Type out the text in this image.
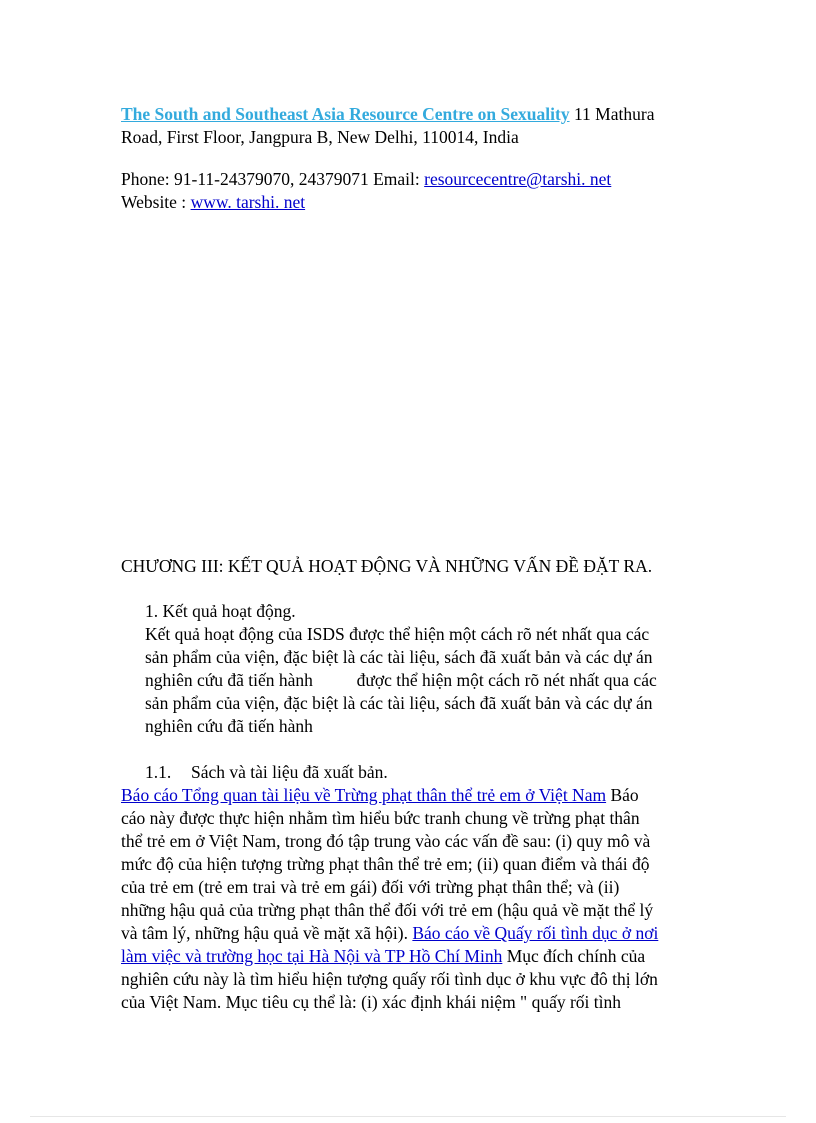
The South and Southeast Asia Resource Centre on Sexuality 11 Mathura
Road, First Floor, Jangpura B, New Delhi, 110014, India
Phone: 91-11-24379070, 24379071 Email: resourcecentre@tarshi. net
Website : www. tarshi. net
CHƯƠNG III: KẾT QUẢ HOẠT ĐỘNG VÀ NHỮNG VẤN ĐỀ ĐẶT RA.
1. Kết quả hoạt động.
Kết quả hoạt động của ISDS được thể hiện một cách rõ nét nhất qua các
sản phẩm của viện, đặc biệt là các tài liệu, sách đã xuất bản và các dự án
nghiên cứu đã tiến hành          được thể hiện một cách rõ nét nhất qua các
sản phẩm của viện, đặc biệt là các tài liệu, sách đã xuất bản và các dự án
nghiên cứu đã tiến hành
1.1. Sách và tài liệu đã xuất bản.
Báo cáo Tổng quan tài liệu về Trừng phạt thân thể trẻ em ở Việt Nam Báo
cáo này được thực hiện nhằm tìm hiểu bức tranh chung về trừng phạt thân
thể trẻ em ở Việt Nam, trong đó tập trung vào các vấn đề sau: (i) quy mô và
mức độ của hiện tượng trừng phạt thân thể trẻ em; (ii) quan điểm và thái độ
của trẻ em (trẻ em trai và trẻ em gái) đối với trừng phạt thân thể; và (ii)
những hậu quả của trừng phạt thân thể đối với trẻ em (hậu quả về mặt thể lý
và tâm lý, những hậu quả về mặt xã hội). Báo cáo về Quấy rối tình dục ở nơi
làm việc và trường học tại Hà Nội và TP Hồ Chí Minh Mục đích chính của
nghiên cứu này là tìm hiểu hiện tượng quấy rối tình dục ở khu vực đô thị lớn
của Việt Nam. Mục tiêu cụ thể là: (i) xác định khái niệm " quấy rối tình
